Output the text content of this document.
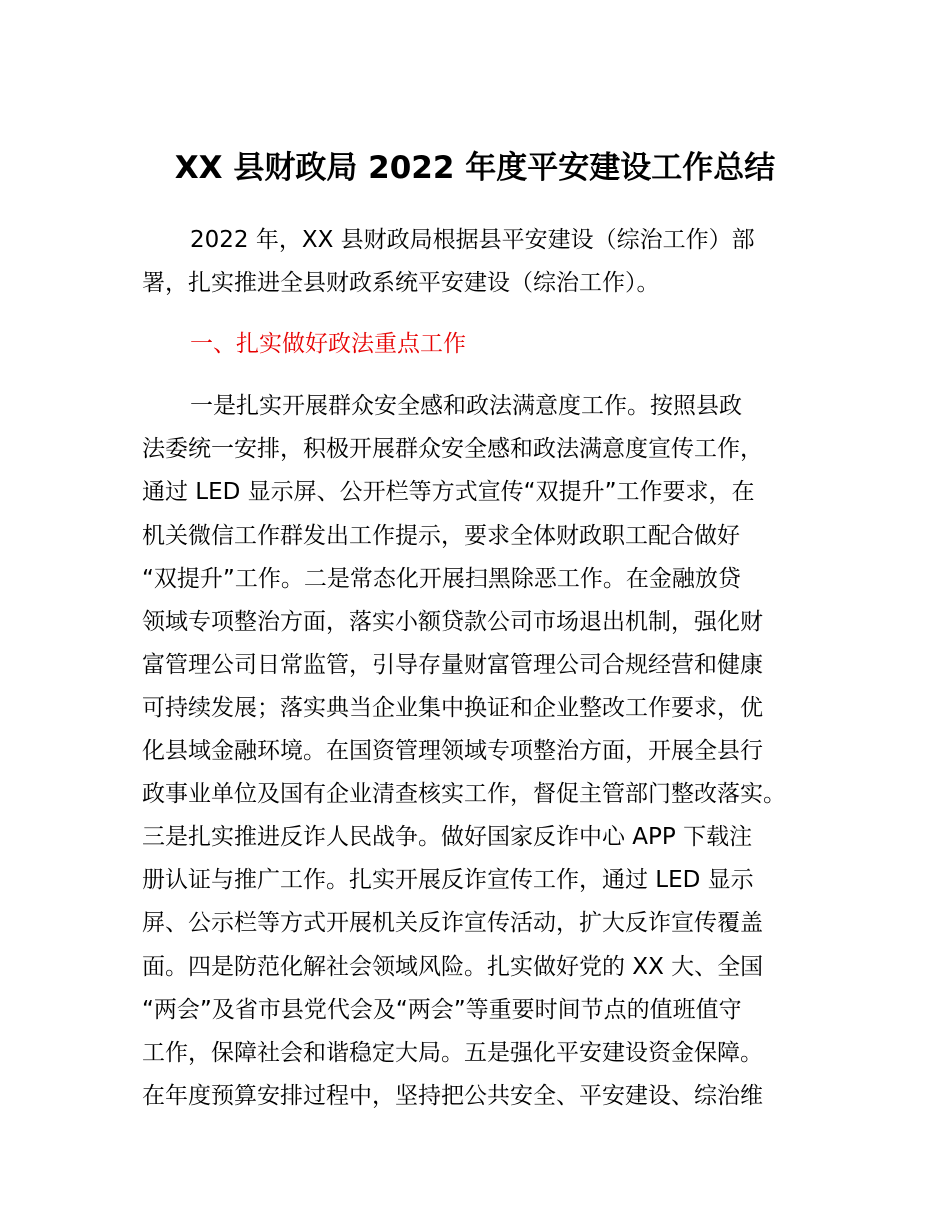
XX 县财政局 2022 年度平安建设工作总结
2022 年，XX 县财政局根据县平安建设（综治工作）部
署，扎实推进全县财政系统平安建设（综治工作）。
一、扎实做好政法重点工作
一是扎实开展群众安全感和政法满意度工作。按照县政
法委统一安排，积极开展群众安全感和政法满意度宣传工作，
通过 LED 显示屏、公开栏等方式宣传“双提升”工作要求，在
机关微信工作群发出工作提示，要求全体财政职工配合做好
“双提升”工作。二是常态化开展扫黑除恶工作。在金融放贷
领域专项整治方面，落实小额贷款公司市场退出机制，强化财
富管理公司日常监管，引导存量财富管理公司合规经营和健康
可持续发展；落实典当企业集中换证和企业整改工作要求，优
化县域金融环境。在国资管理领域专项整治方面，开展全县行
政事业单位及国有企业清查核实工作，督促主管部门整改落实。
三是扎实推进反诈人民战争。做好国家反诈中心 APP 下载注
册认证与推广工作。扎实开展反诈宣传工作，通过 LED 显示
屏、公示栏等方式开展机关反诈宣传活动，扩大反诈宣传覆盖
面。四是防范化解社会领域风险。扎实做好党的 XX 大、全国
“两会”及省市县党代会及“两会”等重要时间节点的值班值守
工作，保障社会和谐稳定大局。五是强化平安建设资金保障。
在年度预算安排过程中，坚持把公共安全、平安建设、综治维
